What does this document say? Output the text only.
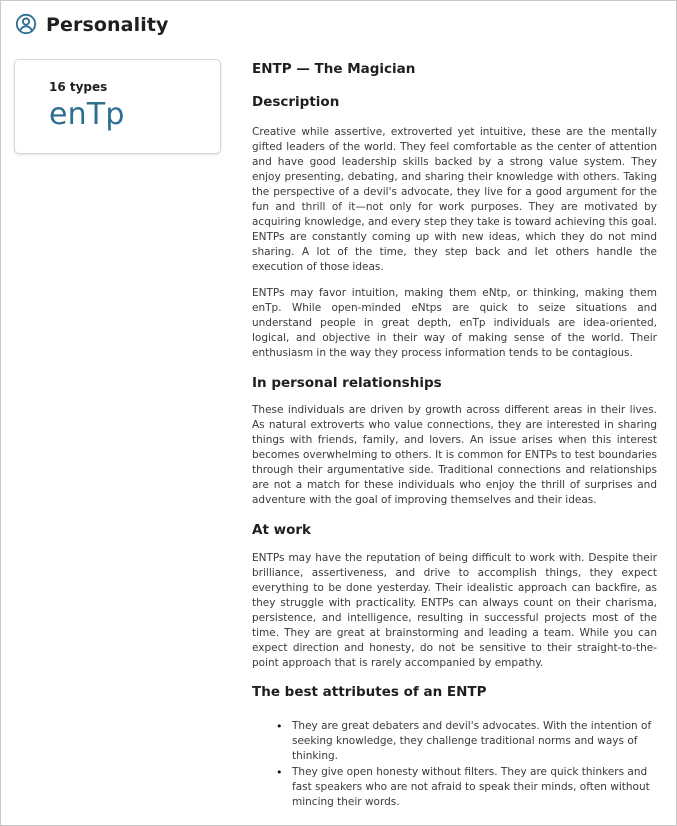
Personality
16 types
enTp
ENTP — The Magician
Description

Creative while assertive, extroverted yet intuitive, these are the mentally gifted leaders of the world. They feel comfortable as the center of attention and have good leadership skills backed by a strong value system. They enjoy presenting, debating, and sharing their knowledge with others. Taking the perspective of a devil's advocate, they live for a good argument for the fun and thrill of it—not only for work purposes. They are motivated by acquiring knowledge, and every step they take is toward achieving this goal. ENTPs are constantly coming up with new ideas, which they do not mind sharing. A lot of the time, they step back and let others handle the execution of those ideas.

ENTPs may favor intuition, making them eNtp, or thinking, making them enTp. While open-minded eNtps are quick to seize situations and understand people in great depth, enTp individuals are idea-oriented, logical, and objective in their way of making sense of the world. Their enthusiasm in the way they process information tends to be contagious.

In personal relationships

These individuals are driven by growth across different areas in their lives. As natural extroverts who value connections, they are interested in sharing things with friends, family, and lovers. An issue arises when this interest becomes overwhelming to others. It is common for ENTPs to test boundaries through their argumentative side. Traditional connections and relationships are not a match for these individuals who enjoy the thrill of surprises and adventure with the goal of improving themselves and their ideas.

At work

ENTPs may have the reputation of being difficult to work with. Despite their brilliance, assertiveness, and drive to accomplish things, they expect everything to be done yesterday. Their idealistic approach can backfire, as they struggle with practicality. ENTPs can always count on their charisma, persistence, and intelligence, resulting in successful projects most of the time. They are great at brainstorming and leading a team. While you can expect direction and honesty, do not be sensitive to their straight-to-the-point approach that is rarely accompanied by empathy.

The best attributes of an ENTP
• They are great debaters and devil's advocates. With the intention of seeking knowledge, they challenge traditional norms and ways of thinking.
• They give open honesty without filters. They are quick thinkers and fast speakers who are not afraid to speak their minds, often without mincing their words.
